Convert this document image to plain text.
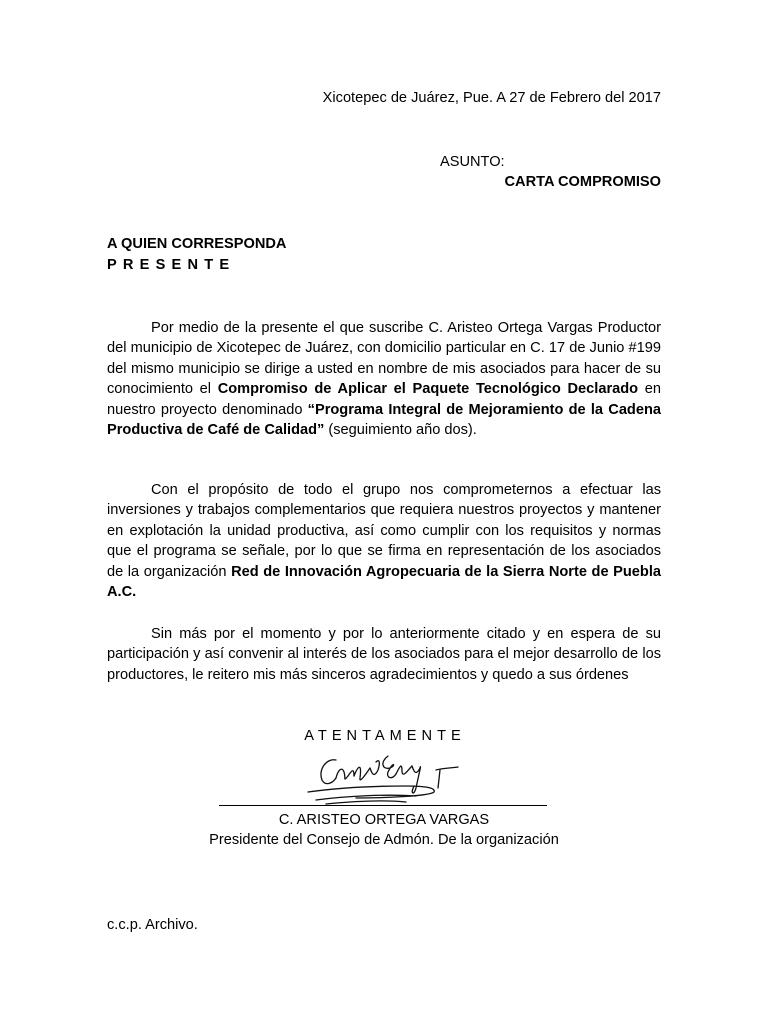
Xicotepec de Juárez, Pue. A 27 de Febrero del 2017
ASUNTO:
CARTA COMPROMISO
A QUIEN CORRESPONDA
PRESENTE

Por medio de la presente el que suscribe C. Aristeo Ortega Vargas Productor del municipio de Xicotepec de Juárez, con domicilio particular en C. 17 de Junio #199 del mismo municipio se dirige a usted en nombre de mis asociados para hacer de su conocimiento el Compromiso de Aplicar el Paquete Tecnológico Declarado en nuestro proyecto denominado “Programa Integral de Mejoramiento de la Cadena Productiva de Café de Calidad” (seguimiento año dos).

Con el propósito de todo el grupo nos comprometernos a efectuar las inversiones y trabajos complementarios que requiera nuestros proyectos y mantener en explotación la unidad productiva, así como cumplir con los requisitos y normas que el programa se señale, por lo que se firma en representación de los asociados de la organización Red de Innovación Agropecuaria de la Sierra Norte de Puebla A.C.

Sin más por el momento y por lo anteriormente citado y en espera de su participación y así convenir al interés de los asociados para el mejor desarrollo de los productores, le reitero mis más sinceros agradecimientos y quedo a sus órdenes

ATENTAMENTE
C. ARISTEO ORTEGA VARGAS
Presidente del Consejo de Admón. De la organización
c.c.p. Archivo.
